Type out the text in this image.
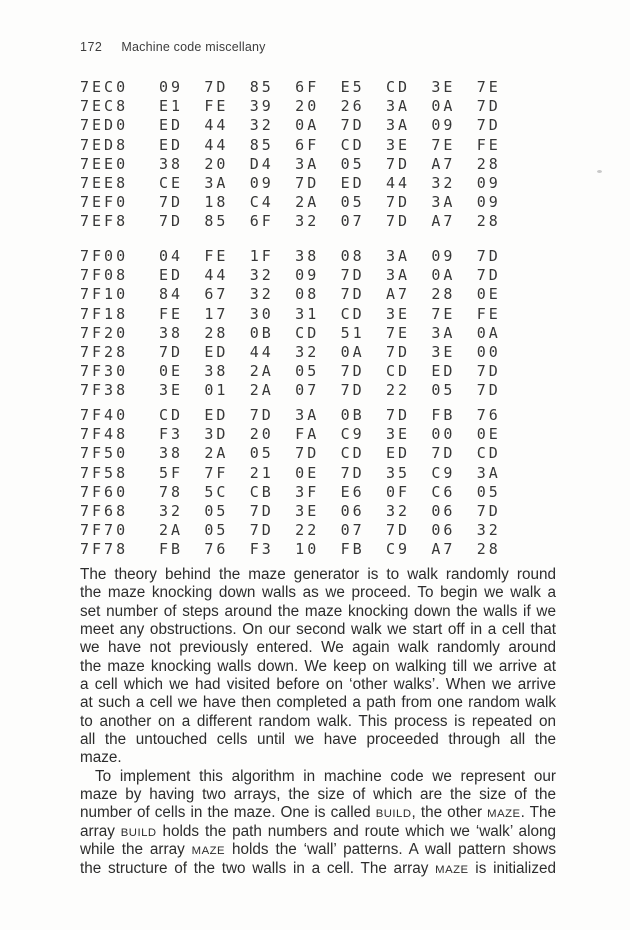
172 Machine code miscellany
7EC0	09	7D	85	6F	E5	CD	3E	7E
7EC8	E1	FE	39	20	26	3A	0A	7D
7ED0	ED	44	32	0A	7D	3A	09	7D
7ED8	ED	44	85	6F	CD	3E	7E	FE
7EE0	38	20	D4	3A	05	7D	A7	28
7EE8	CE	3A	09	7D	ED	44	32	09
7EF0	7D	18	C4	2A	05	7D	3A	09
7EF8	7D	85	6F	32	07	7D	A7	28
7F00	04	FE	1F	38	08	3A	09	7D
7F08	ED	44	32	09	7D	3A	0A	7D
7F10	84	67	32	08	7D	A7	28	0E
7F18	FE	17	30	31	CD	3E	7E	FE
7F20	38	28	0B	CD	51	7E	3A	0A
7F28	7D	ED	44	32	0A	7D	3E	00
7F30	0E	38	2A	05	7D	CD	ED	7D
7F38	3E	01	2A	07	7D	22	05	7D
7F40	CD	ED	7D	3A	0B	7D	FB	76
7F48	F3	3D	20	FA	C9	3E	00	0E
7F50	38	2A	05	7D	CD	ED	7D	CD
7F58	5F	7F	21	0E	7D	35	C9	3A
7F60	78	5C	CB	3F	E6	0F	C6	05
7F68	32	05	7D	3E	06	32	06	7D
7F70	2A	05	7D	22	07	7D	06	32
7F78	FB	76	F3	10	FB	C9	A7	28
The theory behind the maze generator is to walk randomly round
the maze knocking down walls as we proceed. To begin we walk a
set number of steps around the maze knocking down the walls if we
meet any obstructions. On our second walk we start off in a cell that
we have not previously entered. We again walk randomly around
the maze knocking walls down. We keep on walking till we arrive at
a cell which we had visited before on ‘other walks’. When we arrive
at such a cell we have then completed a path from one random walk
to another on a different random walk. This process is repeated on
all the untouched cells until we have proceeded through all the
maze.
To implement this algorithm in machine code we represent our
maze by having two arrays, the size of which are the size of the
number of cells in the maze. One is called BUILD, the other MAZE. The
array BUILD holds the path numbers and route which we ‘walk’ along
while the array MAZE holds the ‘wall’ patterns. A wall pattern shows
the structure of the two walls in a cell. The array MAZE is initialized
